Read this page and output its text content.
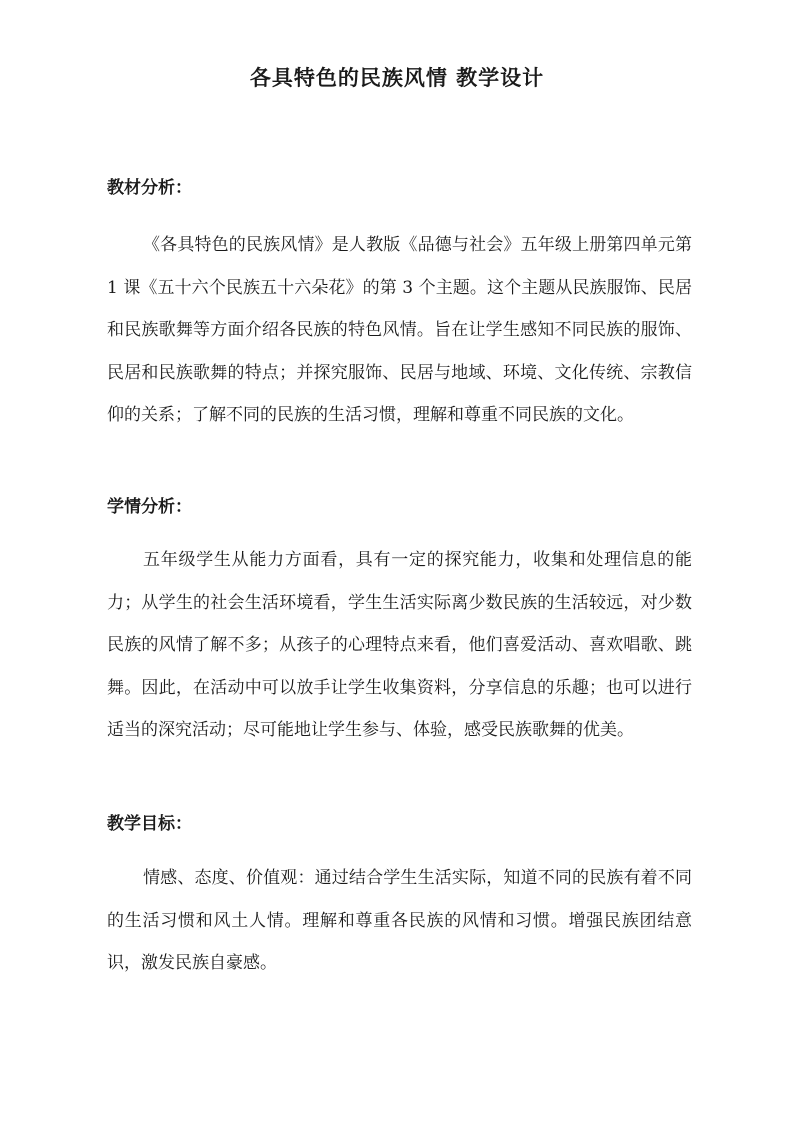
各具特色的民族风情 教学设计
教材分析：

《各具特色的民族风情》是人教版《品德与社会》五年级上册第四单元第 1 课《五十六个民族五十六朵花》的第 3 个主题。这个主题从民族服饰、民居和民族歌舞等方面介绍各民族的特色风情。旨在让学生感知不同民族的服饰、民居和民族歌舞的特点；并探究服饰、民居与地域、环境、文化传统、宗教信仰的关系；了解不同的民族的生活习惯，理解和尊重不同民族的文化。

学情分析：

五年级学生从能力方面看，具有一定的探究能力，收集和处理信息的能力；从学生的社会生活环境看，学生生活实际离少数民族的生活较远，对少数民族的风情了解不多；从孩子的心理特点来看，他们喜爱活动、喜欢唱歌、跳舞。因此，在活动中可以放手让学生收集资料，分享信息的乐趣；也可以进行适当的深究活动；尽可能地让学生参与、体验，感受民族歌舞的优美。

教学目标：

情感、态度、价值观：通过结合学生生活实际，知道不同的民族有着不同的生活习惯和风土人情。理解和尊重各民族的风情和习惯。增强民族团结意识，激发民族自豪感。
